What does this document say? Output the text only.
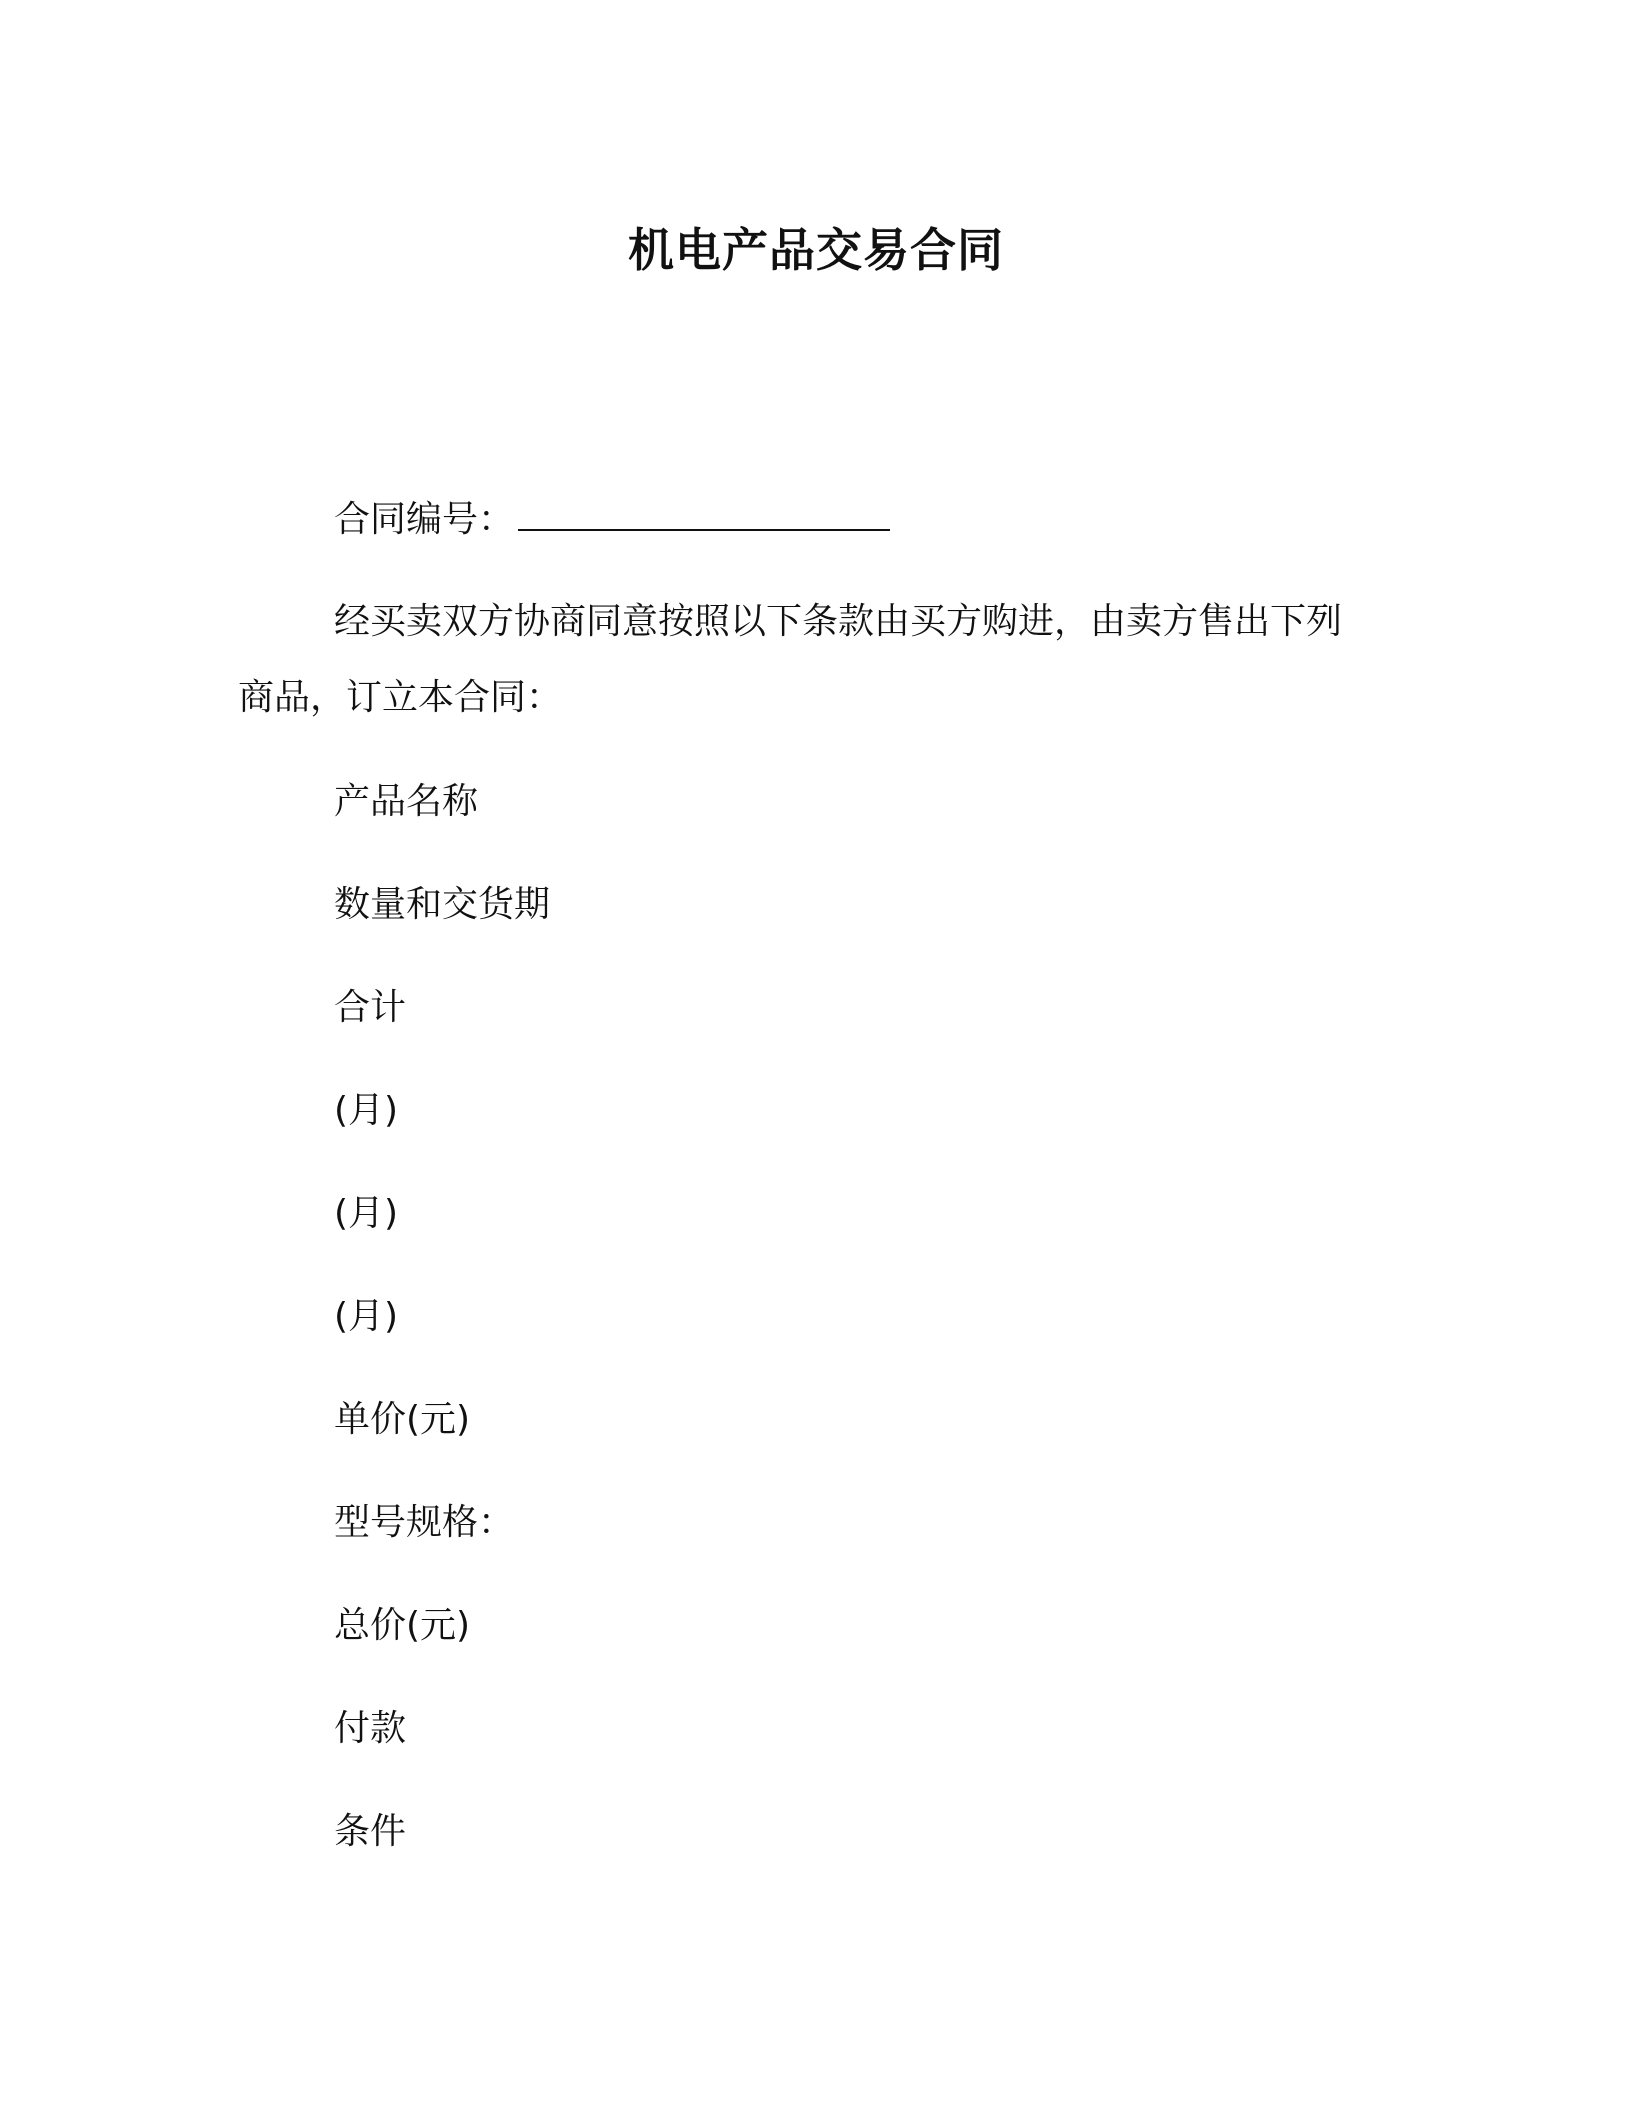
机电产品交易合同
合同编号：
经买卖双方协商同意按照以下条款由买方购进，由卖方售出下列
商品，订立本合同：
产品名称
数量和交货期
合计
(月)
(月)
(月)
单价(元)
型号规格：
总价(元)
付款
条件
